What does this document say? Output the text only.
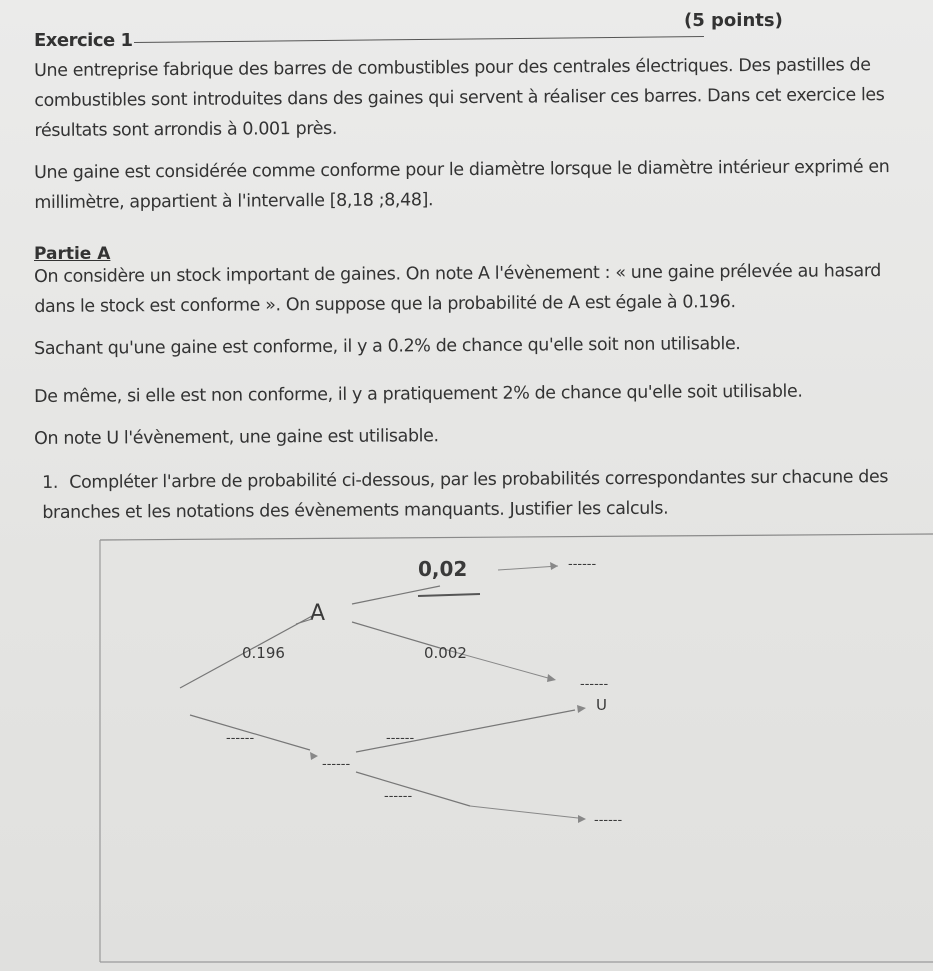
Exercice 1
(5 points)
Une entreprise fabrique des barres de combustibles pour des centrales électriques. Des pastilles de combustibles sont introduites dans des gaines qui servent à réaliser ces barres. Dans cet exercice les résultats sont arrondis à 0.001 près.
Une gaine est considérée comme conforme pour le diamètre lorsque le diamètre intérieur exprimé en millimètre, appartient à l'intervalle [8,18 ;8,48].
Partie A
On considère un stock important de gaines. On note A l'évènement : « une gaine prélevée au hasard dans le stock est conforme ». On suppose que la probabilité de A est égale à 0.196.
Sachant qu'une gaine est conforme, il y a 0.2% de chance qu'elle soit non utilisable.
De même, si elle est non conforme, il y a pratiquement 2% de chance qu'elle soit utilisable.
On note U l'évènement, une gaine est utilisable.
1. Compléter l'arbre de probabilité ci-dessous, par les probabilités correspondantes sur chacune des branches et les notations des évènements manquants. Justifier les calculs.
A
0,02	------
------
0.196	0.002
------
------
U
------
------
------
